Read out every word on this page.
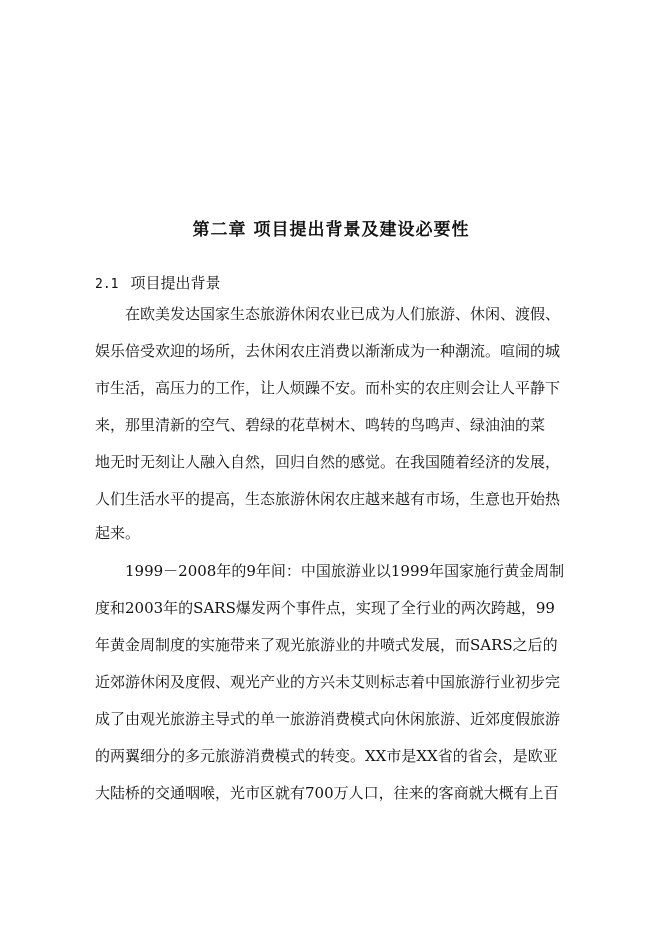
第二章 项目提出背景及建设必要性
2.1 项目提出背景

在欧美发达国家生态旅游休闲农业已成为人们旅游、休闲、渡假、

娱乐倍受欢迎的场所，去休闲农庄消费以渐渐成为一种潮流。喧闹的城

市生活，高压力的工作，让人烦躁不安。而朴实的农庄则会让人平静下

来，那里清新的空气、碧绿的花草树木、鸣转的鸟鸣声、绿油油的菜

地无时无刻让人融入自然，回归自然的感觉。在我国随着经济的发展，

人们生活水平的提高，生态旅游休闲农庄越来越有市场，生意也开始热

起来。

1999－2008年的9年间：中国旅游业以1999年国家施行黄金周制

度和2003年的SARS爆发两个事件点，实现了全行业的两次跨越，99

年黄金周制度的实施带来了观光旅游业的井喷式发展，而SARS之后的

近郊游休闲及度假、观光产业的方兴未艾则标志着中国旅游行业初步完

成了由观光旅游主导式的单一旅游消费模式向休闲旅游、近郊度假旅游

的两翼细分的多元旅游消费模式的转变。XX市是XX省的省会，是欧亚

大陆桥的交通咽喉，光市区就有700万人口，往来的客商就大概有上百
